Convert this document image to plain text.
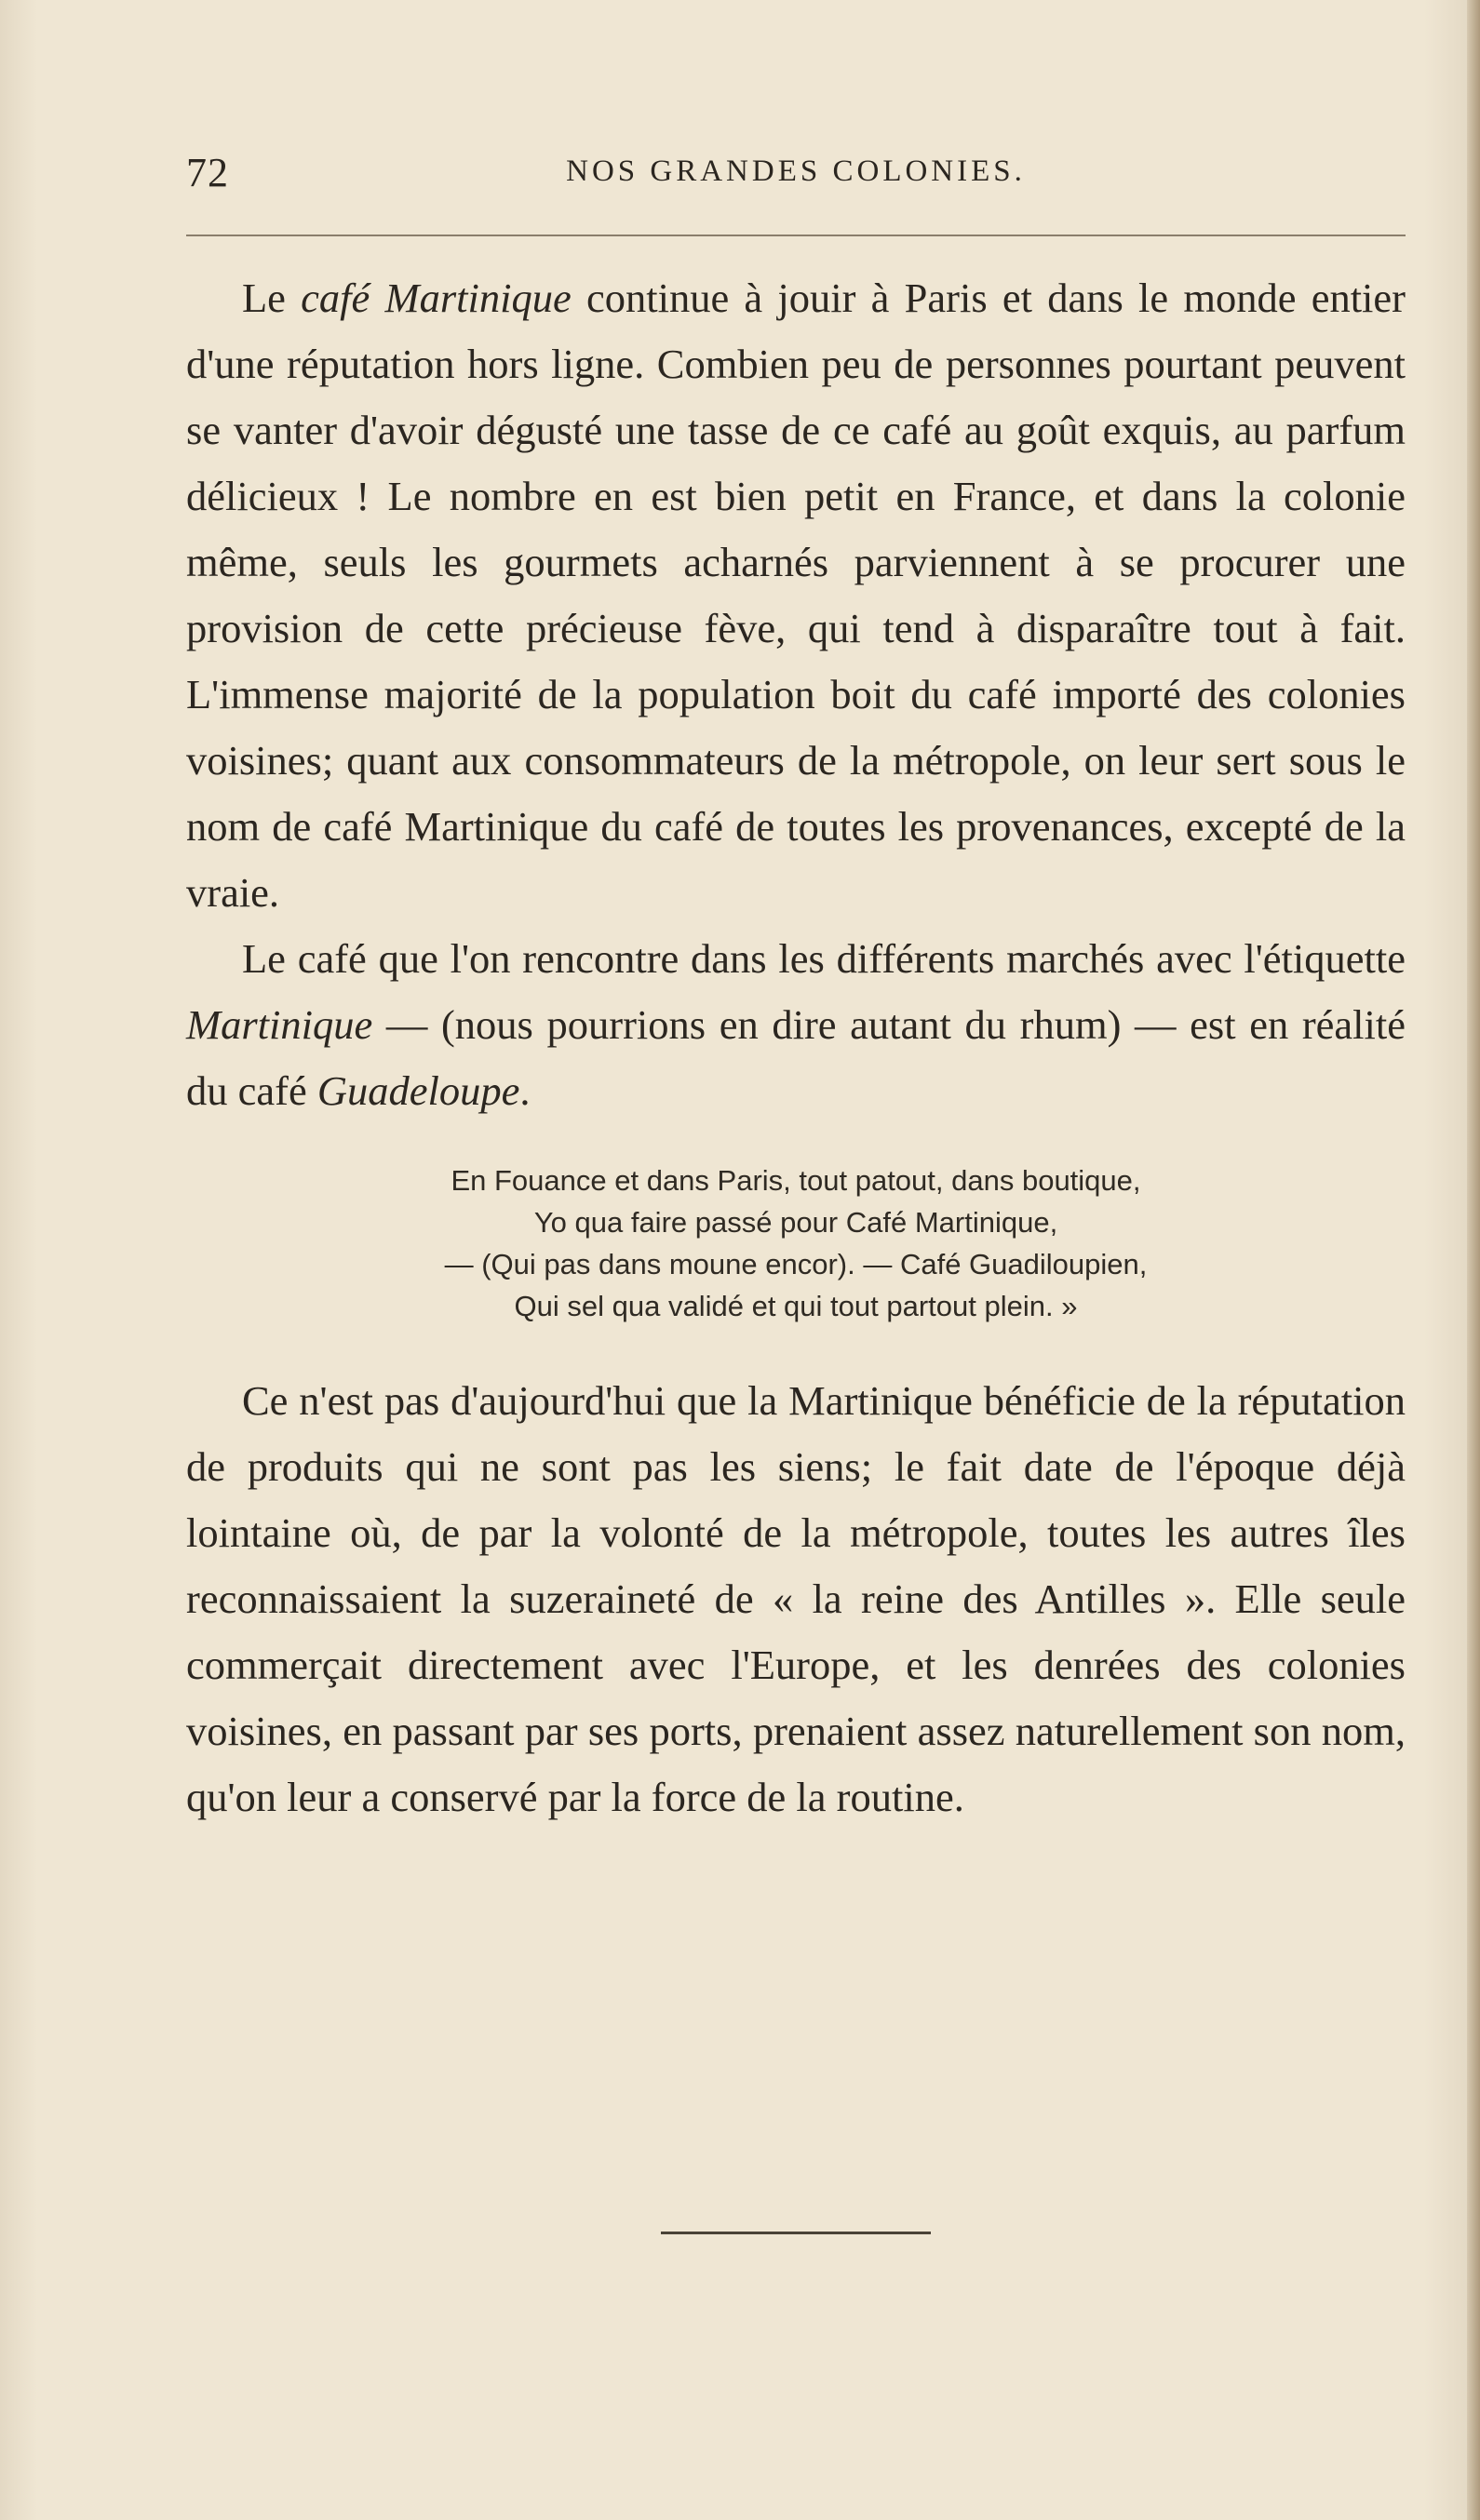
72	NOS GRANDES COLONIES.

Le café Martinique continue à jouir à Paris et dans le monde entier d'une réputation hors ligne. Combien peu de personnes pourtant peuvent se vanter d'avoir dégusté une tasse de ce café au goût exquis, au parfum délicieux ! Le nombre en est bien petit en France, et dans la colonie même, seuls les gourmets acharnés parviennent à se procurer une provision de cette précieuse fève, qui tend à disparaître tout à fait. L'immense majorité de la population boit du café importé des colonies voisines; quant aux consommateurs de la métropole, on leur sert sous le nom de café Martinique du café de toutes les provenances, excepté de la vraie.

Le café que l'on rencontre dans les différents marchés avec l'étiquette Martinique — (nous pourrions en dire autant du rhum) — est en réalité du café Guadeloupe.

En Fouance et dans Paris, tout patout, dans boutique,
Yo qua faire passé pour Café Martinique,
— (Qui pas dans moune encor). — Café Guadiloupien,
Qui sel qua validé et qui tout partout plein. »

Ce n'est pas d'aujourd'hui que la Martinique bénéficie de la réputation de produits qui ne sont pas les siens; le fait date de l'époque déjà lointaine où, de par la volonté de la métropole, toutes les autres îles reconnaissaient la suzeraineté de « la reine des Antilles ». Elle seule commerçait directement avec l'Europe, et les denrées des colonies voisines, en passant par ses ports, prenaient assez naturellement son nom, qu'on leur a conservé par la force de la routine.
